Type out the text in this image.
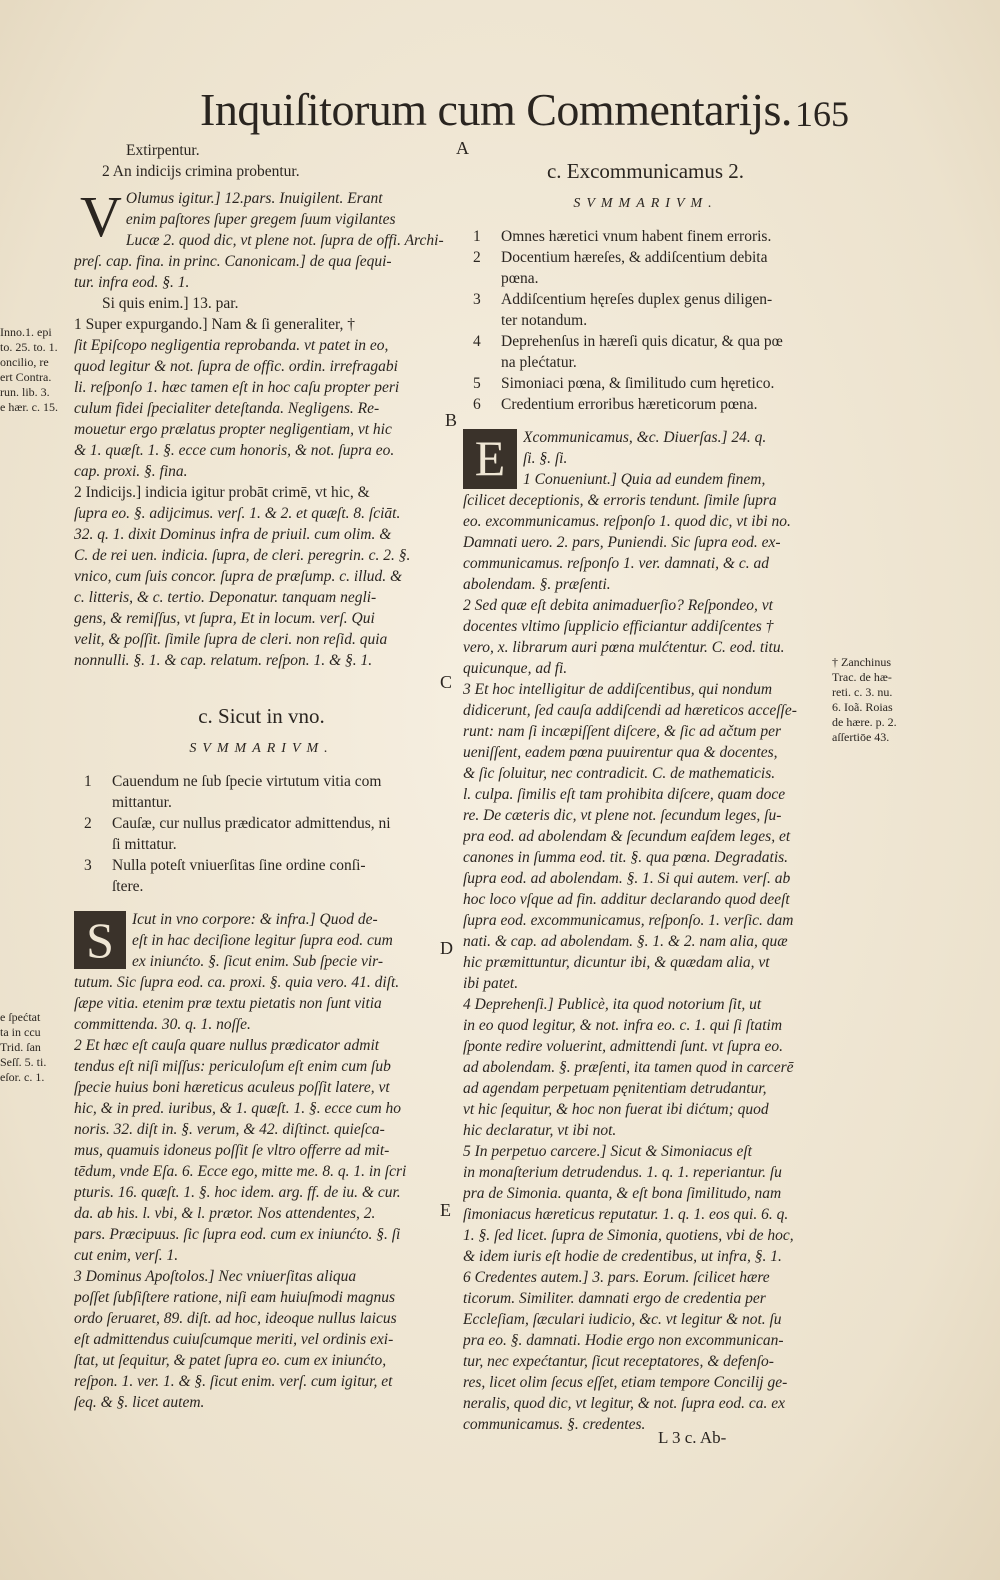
Inquiſitorum cum Commentarijs. 165
A
B
C
D
E
Extirpentur.
2 An indicijs crimina probentur.
V Olumus igitur.] 12.pars. Inuigilent. Erant
enim paſtores ſuper gregem ſuum vigilantes
Lucæ 2. quod dic, vt plene not. ſupra de offi. Archi-
preſ. cap. fina. in princ. Canonicam.] de qua ſequi-
tur. infra eod. §. 1.
Si quis enim.] 13. par.
1 Super expurgando.] Nam & ſi generaliter, †
ſit Epiſcopo negligentia reprobanda. vt patet in eo,
quod legitur & not. ſupra de offic. ordin. irrefragabi
li. reſponſo 1. hæc tamen eſt in hoc caſu propter peri
culum fidei ſpecialiter deteſtanda. Negligens. Re-
mouetur ergo prælatus propter negligentiam, vt hic
& 1. quæſt. 1. §. ecce cum honoris, & not. ſupra eo.
cap. proxi. §. fina.
2 Indicijs.] indicia igitur probāt crimē, vt hic, &
ſupra eo. §. adijcimus. verſ. 1. & 2. et quæſt. 8. ſciāt.
32. q. 1. dixit Dominus infra de priuil. cum olim. &
C. de rei uen. indicia. ſupra, de cleri. peregrin. c. 2. §.
vnico, cum ſuis concor. ſupra de præſump. c. illud. &
c. litteris, & c. tertio. Deponatur. tanquam negli-
gens, & remiſſus, vt ſupra, Et in locum. verſ. Qui
velit, & poſſit. ſimile ſupra de cleri. non reſid. quia
nonnulli. §. 1. & cap. relatum. reſpon. 1. & §. 1.
c. Sicut in vno.
SVMMARIVM.
1	Cauendum ne ſub ſpecie virtutum vitia com
mittantur.
2	Cauſæ, cur nullus prædicator admittendus, ni
ſi mittatur.
3	Nulla poteſt vniuerſitas ſine ordine conſi-
ſtere.
S	Icut in vno corpore: & infra.] Quod de-
eſt in hac deciſione legitur ſupra eod. cum
ex iniunćto. §. ſicut enim. Sub ſpecie vir-
tutum. Sic ſupra eod. ca. proxi. §. quia vero. 41. diſt.
ſæpe vitia. etenim præ textu pietatis non ſunt vitia
committenda. 30. q. 1. noſſe.
2 Et hæc eſt cauſa quare nullus prædicator admit
tendus eſt niſi miſſus: periculoſum eſt enim cum ſub
ſpecie huius boni hæreticus aculeus poſſit latere, vt
hic, & in pred. iuribus, & 1. quæſt. 1. §. ecce cum ho
noris. 32. diſt in. §. verum, & 42. diſtinct. quieſca-
mus, quamuis idoneus poſſit ſe vltro offerre ad mit-
tēdum, vnde Eſa. 6. Ecce ego, mitte me. 8. q. 1. in ſcri
pturis. 16. quæſt. 1. §. hoc idem. arg. ff. de iu. & cur.
da. ab his. l. vbi, & l. prætor. Nos attendentes, 2.
pars. Præcipuus. ſic ſupra eod. cum ex iniunćto. §. ſi
cut enim, verſ. 1.
3 Dominus Apoſtolos.] Nec vniuerſitas aliqua
poſſet ſubſiſtere ratione, niſi eam huiuſmodi magnus
ordo ſeruaret, 89. diſt. ad hoc, ideoque nullus laicus
eſt admittendus cuiuſcumque meriti, vel ordinis exi-
ſtat, ut ſequitur, & patet ſupra eo. cum ex iniunćto,
reſpon. 1. ver. 1. & §. ſicut enim. verſ. cum igitur, et
ſeq. & §. licet autem.
c. Excommunicamus 2.
SVMMARIVM.
1	Omnes hæretici vnum habent finem erroris.
2	Docentium hæreſes, & addiſcentium debita
pœna.
3	Addiſcentium hęreſes duplex genus diligen-
ter notandum.
4	Deprehenſus in hæreſi quis dicatur, & qua pœ
na plećtatur.
5	Simoniaci pœna, & ſimilitudo cum hęretico.
6	Credentium erroribus hæreticorum pœna.
E	Xcommunicamus, &c. Diuerſas.] 24. q.
ſi. §. ſi.
1 Conueniunt.] Quia ad eundem finem,
ſcilicet deceptionis, & erroris tendunt. ſimile ſupra
eo. excommunicamus. reſponſo 1. quod dic, vt ibi no.
Damnati uero. 2. pars, Puniendi. Sic ſupra eod. ex-
communicamus. reſponſo 1. ver. damnati, & c. ad
abolendam. §. præſenti.
2 Sed quæ eſt debita animaduerſio? Reſpondeo, vt
docentes vltimo ſupplicio efficiantur addiſcentes †
vero, x. librarum auri pœna mulćtentur. C. eod. titu.
quicunque, ad fi.
3 Et hoc intelligitur de addiſcentibus, qui nondum
didicerunt, ſed cauſa addiſcendi ad hæreticos acceſſe-
runt: nam ſi incæpiſſent diſcere, & ſic ad ačtum per
ueniſſent, eadem pœna puuirentur qua & docentes,
& ſic ſoluitur, nec contradicit. C. de mathematicis.
l. culpa. ſimilis eſt tam prohibita diſcere, quam doce
re. De cæteris dic, vt plene not. ſecundum leges, ſu-
pra eod. ad abolendam & ſecundum eaſdem leges, et
canones in ſumma eod. tit. §. qua pœna. Degradatis.
ſupra eod. ad abolendam. §. 1. Si qui autem. verſ. ab
hoc loco vſque ad fin. additur declarando quod deeſt
ſupra eod. excommunicamus, reſponſo. 1. verſic. dam
nati. & cap. ad abolendam. §. 1. & 2. nam alia, quæ
hic præmittuntur, dicuntur ibi, & quædam alia, vt
ibi patet.
4 Deprehenſi.] Publicè, ita quod notorium ſit, ut
in eo quod legitur, & not. infra eo. c. 1. qui ſi ſtatim
ſponte redire voluerint, admittendi ſunt. vt ſupra eo.
ad abolendam. §. præſenti, ita tamen quod in carcerē
ad agendam perpetuam pęnitentiam detrudantur,
vt hic ſequitur, & hoc non fuerat ibi dićtum; quod
hic declaratur, vt ibi not.
5 In perpetuo carcere.] Sicut & Simoniacus eſt
in monaſterium detrudendus. 1. q. 1. reperiantur. ſu
pra de Simonia. quanta, & eſt bona ſimilitudo, nam
ſimoniacus hæreticus reputatur. 1. q. 1. eos qui. 6. q.
1. §. ſed licet. ſupra de Simonia, quotiens, vbi de hoc,
& idem iuris eſt hodie de credentibus, ut infra, §. 1.
6 Credentes autem.] 3. pars. Eorum. ſcilicet hære
ticorum. Similiter. damnati ergo de credentia per
Eccleſiam, ſæculari iudicio, &c. vt legitur & not. ſu
pra eo. §. damnati. Hodie ergo non excommunican-
tur, nec expećtantur, ſicut receptatores, & defenſo-
res, licet olim ſecus eſſet, etiam tempore Concilij ge-
neralis, quod dic, vt legitur, & not. ſupra eod. ca. ex
communicamus. §. credentes.
Inno.1. epi
to. 25. to. 1.
oncilio, re
ert Contra.
run. lib. 3.
e hær. c. 15.
e ſpećtat
ta in ccu
Trid. ſan
Seſſ. 5. ti.
eſor. c. 1.
† Zanchinus
Trac. de hæ-
reti. c. 3. nu.
6. Ioã. Roias
de hære. p. 2.
aſſertiōe 43.
L 3 c. Ab-
